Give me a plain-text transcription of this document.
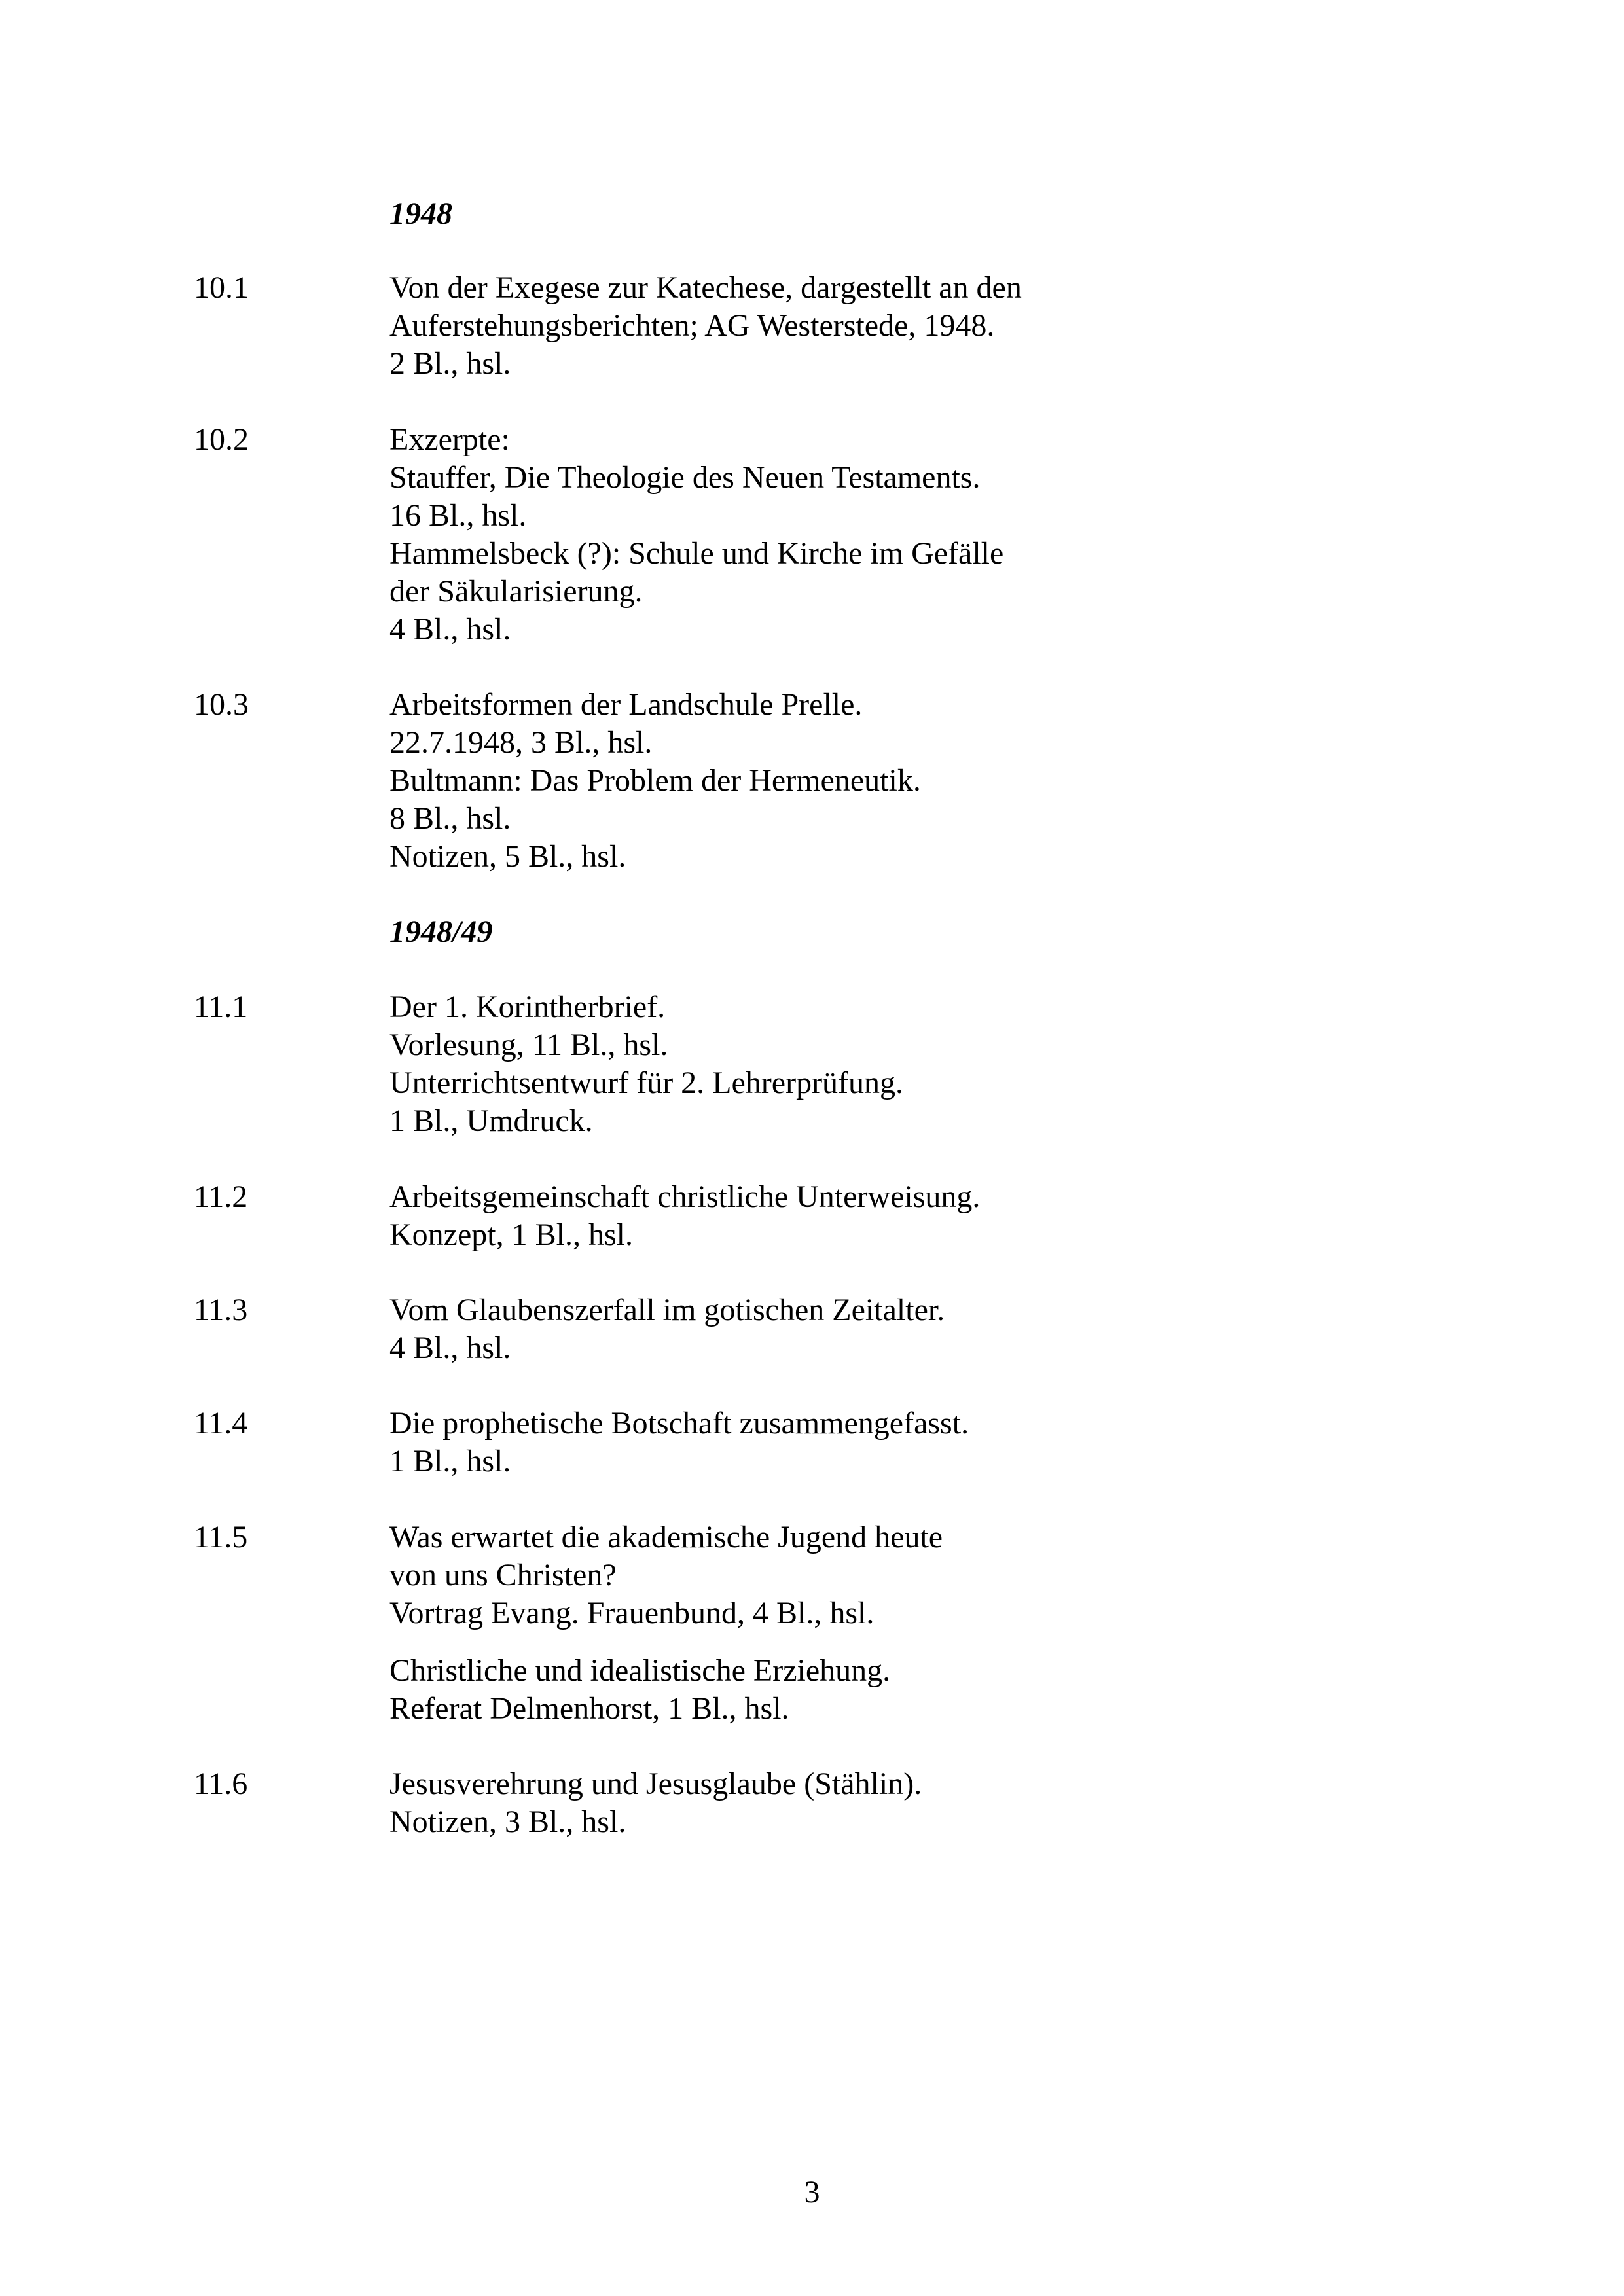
1948
10.1	Von der Exegese zur Katechese, dargestellt an den
Auferstehungsberichten; AG Westerstede, 1948.
2 Bl., hsl.
10.2	Exzerpte:
Stauffer, Die Theologie des Neuen Testaments.
16 Bl., hsl.
Hammelsbeck (?): Schule und Kirche im Gefälle
der Säkularisierung.
4 Bl., hsl.
10.3	Arbeitsformen der Landschule Prelle.
22.7.1948, 3 Bl., hsl.
Bultmann: Das Problem der Hermeneutik.
8 Bl., hsl.
Notizen, 5 Bl., hsl.
1948/49
11.1	Der 1. Korintherbrief.
Vorlesung, 11 Bl., hsl.
Unterrichtsentwurf für 2. Lehrerprüfung.
1 Bl., Umdruck.
11.2	Arbeitsgemeinschaft christliche Unterweisung.
Konzept, 1 Bl., hsl.
11.3	Vom Glaubenszerfall im gotischen Zeitalter.
4 Bl., hsl.
11.4	Die prophetische Botschaft zusammengefasst.
1 Bl., hsl.
11.5	Was erwartet die akademische Jugend heute
von uns Christen?
Vortrag Evang. Frauenbund, 4 Bl., hsl.
Christliche und idealistische Erziehung.
Referat Delmenhorst, 1 Bl., hsl.
11.6	Jesusverehrung und Jesusglaube (Stählin).
Notizen, 3 Bl., hsl.
3
